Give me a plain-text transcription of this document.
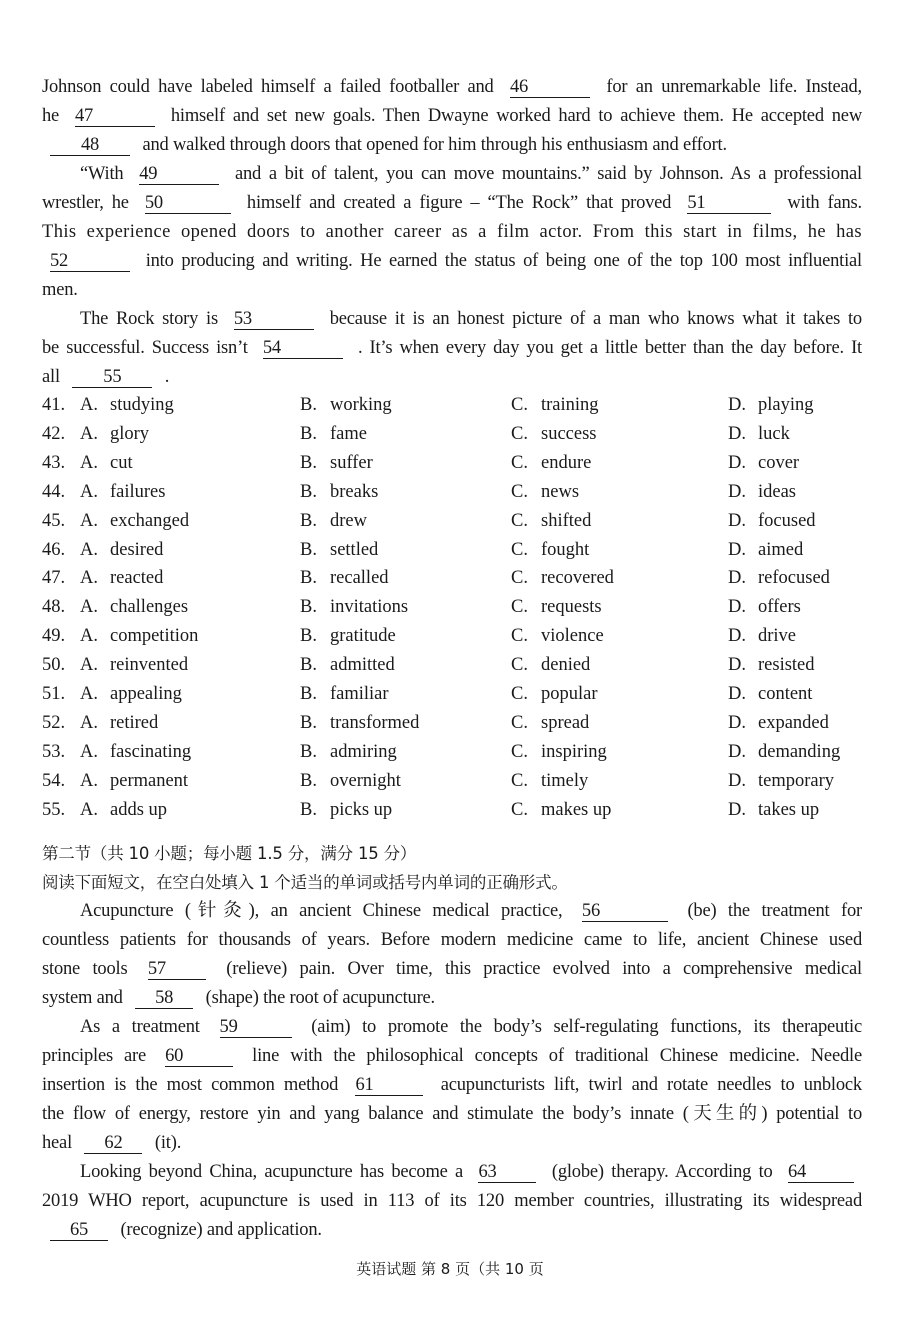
Johnson could have labeled himself a failed footballer and 46	for an unremarkable life. Instead,
he 47	himself and set new goals. Then Dwayne worked hard to achieve them. He accepted new
48 and walked through doors that opened for him through his enthusiasm and effort.
“With 49	and a bit of talent, you can move mountains.” said by Johnson. As a professional
wrestler, he 50	himself and created a figure – “The Rock” that proved 51	with fans.
This experience opened doors to another career as a film actor. From this start in films, he has
52	into producing and writing. He earned the status of being one of the top 100 most influential
men.
The Rock story is 53	because it is an honest picture of a man who knows what it takes to
be successful. Success isn’t 54	. It’s when every day you get a little better than the day before. It
all 55 .
41. A. studying	B. working	C. training	D. playing
42. A. glory	B. fame	C. success	D. luck
43. A. cut	B. suffer	C. endure	D. cover
44. A. failures	B. breaks	C. news	D. ideas
45. A. exchanged	B. drew	C. shifted	D. focused
46. A. desired	B. settled	C. fought	D. aimed
47. A. reacted	B. recalled	C. recovered	D. refocused
48. A. challenges	B. invitations	C. requests	D. offers
49. A. competition	B. gratitude	C. violence	D. drive
50. A. reinvented	B. admitted	C. denied	D. resisted
51. A. appealing	B. familiar	C. popular	D. content
52. A. retired	B. transformed	C. spread	D. expanded
53. A. fascinating	B. admiring	C. inspiring	D. demanding
54. A. permanent	B. overnight	C. timely	D. temporary
55. A. adds up	B. picks up	C. makes up	D. takes up
第二节（共 10 小题；每小题 1.5 分，满分 15 分）
阅读下面短文，在空白处填入 1 个适当的单词或括号内单词的正确形式。
Acupuncture (针灸), an ancient Chinese medical practice, 56	(be) the treatment for
countless patients for thousands of years. Before modern medicine came to life, ancient Chinese used
stone tools 57	(relieve) pain. Over time, this practice evolved into a comprehensive medical
system and 58 (shape) the root of acupuncture.
As a treatment 59	(aim) to promote the body’s self-regulating functions, its therapeutic
principles are 60	line with the philosophical concepts of traditional Chinese medicine. Needle
insertion is the most common method 61	acupuncturists lift, twirl and rotate needles to unblock
the flow of energy, restore yin and yang balance and stimulate the body’s innate (天生的) potential to
heal 62 (it).
Looking beyond China, acupuncture has become a 63	(globe) therapy. According to 64
2019 WHO report, acupuncture is used in 113 of its 120 member countries, illustrating its widespread
65 (recognize) and application.
英语试题 第 8 页（共 10 页
